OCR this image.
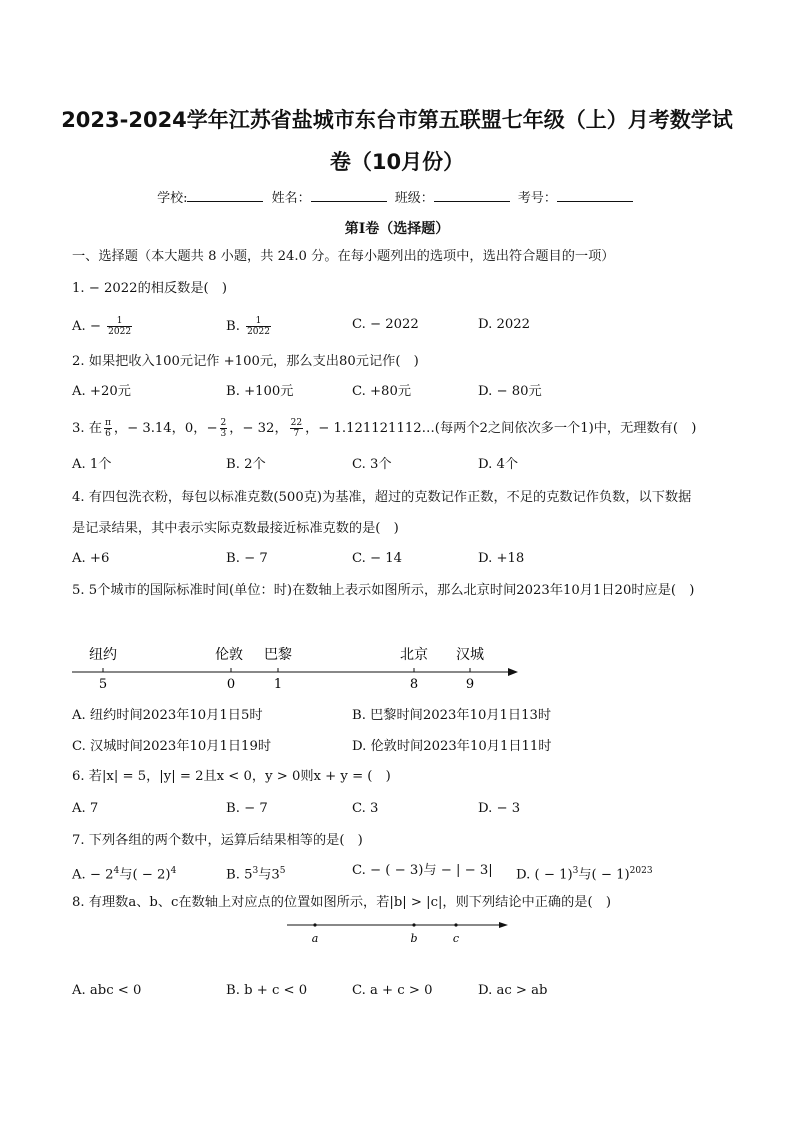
2023-2024学年江苏省盐城市东台市第五联盟七年级（上）月考数学试
卷（10月份）
学校:	姓名：	班级：	考号：
第Ⅰ卷（选择题）
一、选择题（本大题共 8 小题，共 24.0 分。在每小题列出的选项中，选出符合题目的一项）
1. − 2022的相反数是(　)
A. − $\frac{1}{2022}$	B. $\frac{1}{2022}$	C. − 2022	D. 2022
2. 如果把收入100元记作 +100元，那么支出80元记作(　)
A. +20元	B. +100元	C. +80元	D. − 80元
3. 在 $\frac{\pi}{6}$ ，− 3.14，0，− $\frac{2}{3}$ ，− 32， $\frac{22}{7}$ ，− 1.121121112…(每两个2之间依次多一个1)中，无理数有(　)
A. 1个	B. 2个	C. 3个	D. 4个
4. 有四包洗衣粉，每包以标准克数(500克)为基准，超过的克数记作正数，不足的克数记作负数，以下数据
是记录结果，其中表示实际克数最接近标准克数的是(　)
A. +6	B. − 7	C. − 14	D. +18
5. 5个城市的国际标准时间(单位：时)在数轴上表示如图所示，那么北京时间2023年10月1日20时应是(　)
纽约	伦敦 巴黎	北京 汉城
5	0	1	8	9
A. 纽约时间2023年10月1日5时	B. 巴黎时间2023年10月1日13时
C. 汉城时间2023年10月1日19时	D. 伦敦时间2023年10月1日11时
6. 若|x| = 5，|y| = 2且x < 0，y > 0则x + y = (　)
A. 7	B. − 7	C. 3	D. − 3
7. 下列各组的两个数中，运算后结果相等的是(　)
A. − $2^4$与( − 2)$^4$	B. $5^3$与$3^5$	C. − ( − 3)与 − | − 3| D. ( − 1)$^3$与( − 1)$^{2023}$
8. 有理数a、b、c在数轴上对应点的位置如图所示，若|b| > |c|，则下列结论中正确的是(　)
a	b	c
A. abc < 0	B. b + c < 0	C. a + c > 0	D. ac > ab
